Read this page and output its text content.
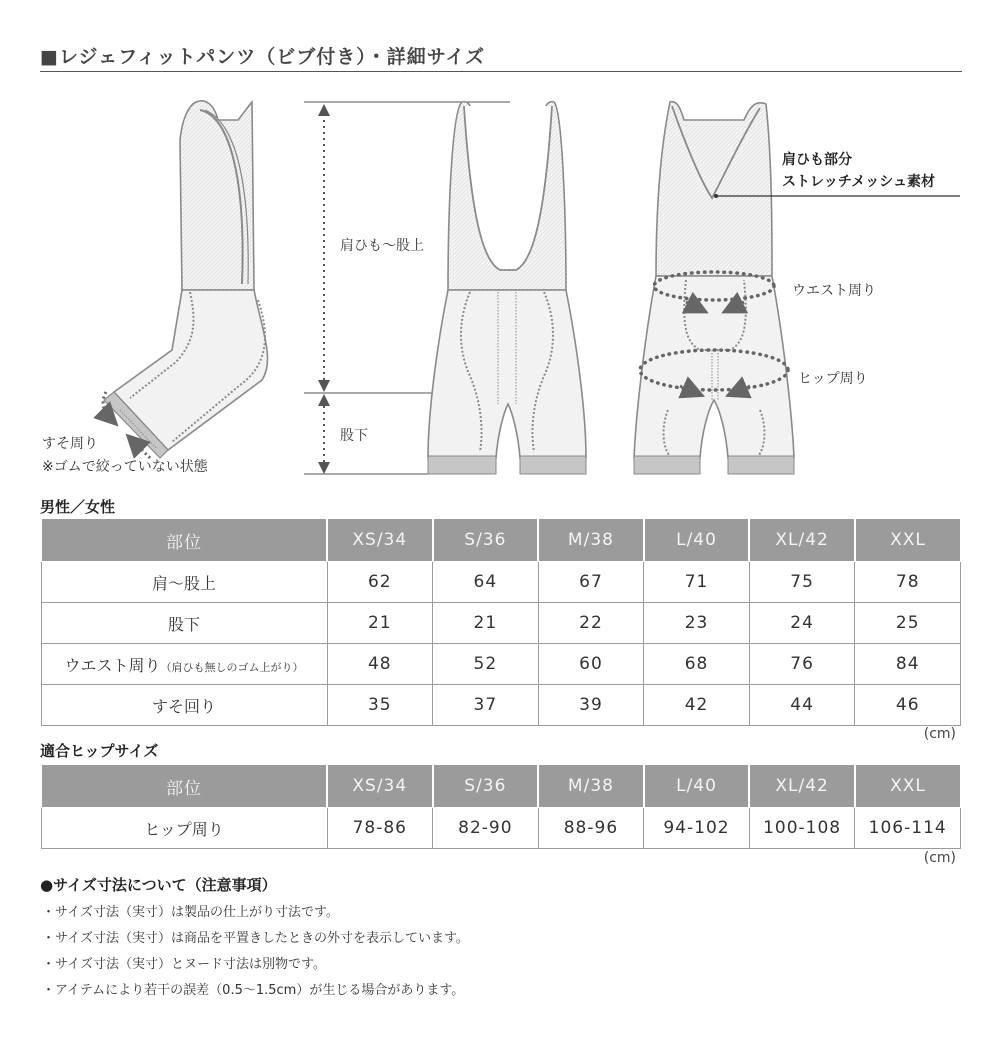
■レジェフィットパンツ（ビブ付き）・詳細サイズ
肩ひも〜股上
股下
すそ周り
※ゴムで絞っていない状態
肩ひも部分
ストレッチメッシュ素材
ウエスト周り
ヒップ周り
男性／女性
部位	XS/34	S/36	M/38	L/40	XL/42	XXL
肩〜股上	62	64	67	71	75	78
股下	21	21	22	23	24	25
ウエスト周り（肩ひも無しのゴム上がり）	48	52	60	68	76	84
すそ回り	35	37	39	42	44	46
(cm)
適合ヒップサイズ
部位	XS/34	S/36	M/38	L/40	XL/42	XXL
ヒップ周り	78-86	82-90	88-96	94-102	100-108	106-114
(cm)
●サイズ寸法について（注意事項）
・サイズ寸法（実寸）は製品の仕上がり寸法です。
・サイズ寸法（実寸）は商品を平置きしたときの外寸を表示しています。
・サイズ寸法（実寸）とヌード寸法は別物です。
・アイテムにより若干の誤差（0.5〜1.5cm）が生じる場合があります。
